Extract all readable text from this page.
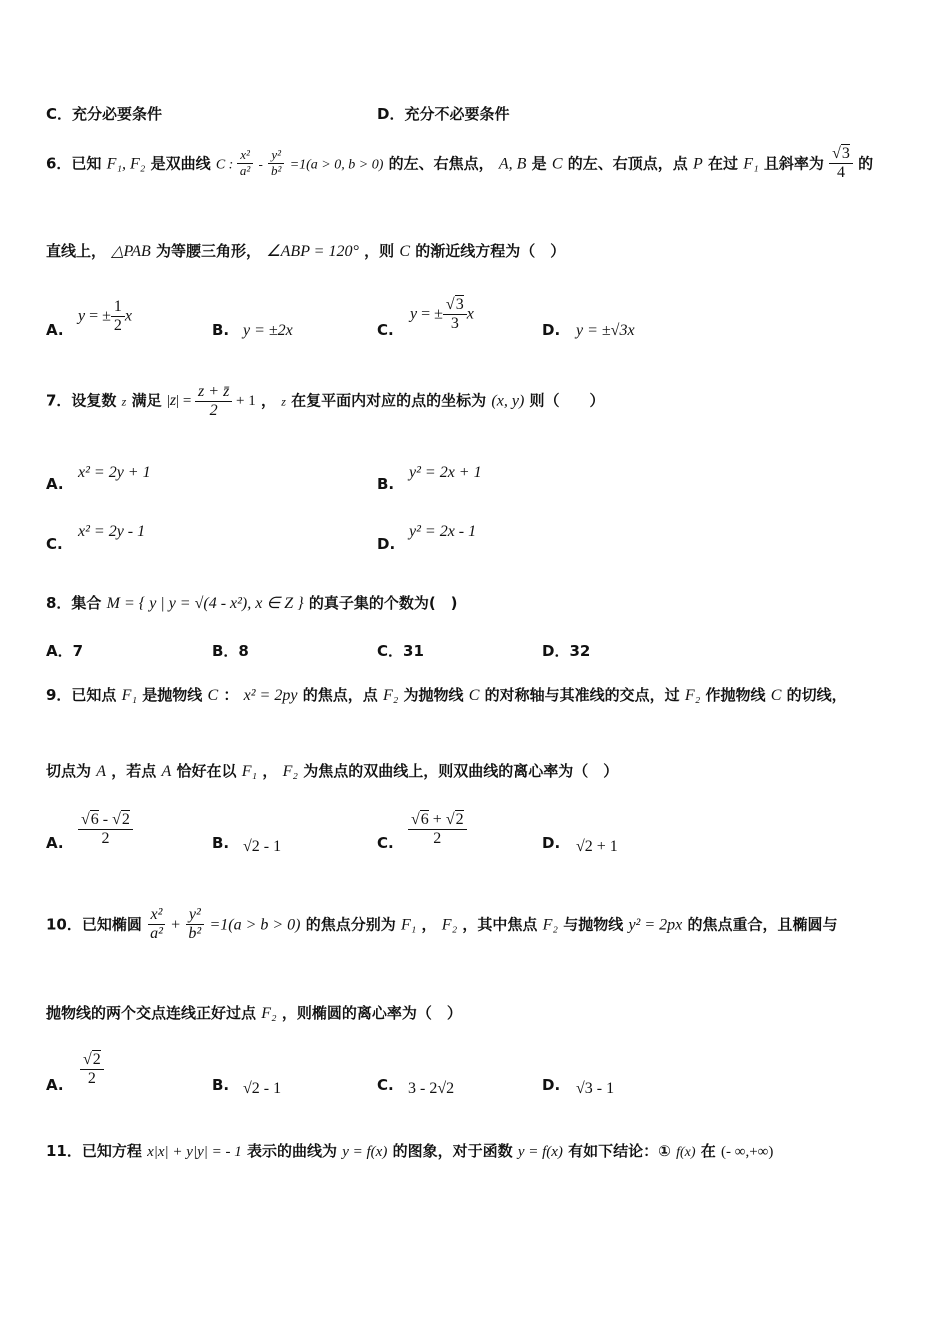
C．充分必要条件	D．充分不必要条件
6．已知 F₁, F₂ 是双曲线 C : $\frac{\text{x²}}{\text{a²}} - \frac{\text{y²}}{\text{b²}} =1(a > 0$, b > 0) 的左、右焦点， A, B 是 C 的左、右顶点，点 P 在过 F₁ 且斜率为 √ $\frac{3}{4}$ 的
直线上， △PAB 为等腰三角形， ∠ABP = 120° ，则 C 的渐近线方程为（　）
A.
y = ± $\frac{1}{2}$ x
B. y = ±2x	C.
y = ± √ $\frac{3}{3}$ x
D. y = ±√3x
7．设复数 z 满足 $|z| = \frac{z + z̄}{2} + 1$ ， z 在复平面内对应的点的坐标为 (x, y) 则（　　）
A.
x² = 2y + 1
B.
y² = 2x + 1
C.
x² = 2y - 1
D.
y² = 2x - 1
8．集合 M = { y | y = √(4 - x²), x ∈ Z } 的真子集的个数为(　)
A．7	B．8	C．31	D．32
9．已知点 F₁ 是抛物线 C ： x² = 2py 的焦点，点 F₂ 为抛物线 C 的对称轴与其准线的交点，过 F₂ 作抛物线 C 的切线，
切点为 A ，若点 A 恰好在以 F₁ ， F₂ 为焦点的双曲线上，则双曲线的离心率为（　）
A. √ $\frac{6 - √ 2}{2}$	B. √2 - 1	C. √ $\frac{6 + √ 2}{2}$	D. √2 + 1
10．已知椭圆 $\frac{\text{x²}}{\text{a²}} + \frac{\text{y²}}{\text{b²}} =1(a > b > 0)$ 的焦点分别为 F₁ ， F₂ ，其中焦点 F₂ 与抛物线 y² = 2px 的焦点重合，且椭圆与
抛物线的两个交点连线正好过点 F₂ ，则椭圆的离心率为（　）
A. √ $\frac{2}{2}$	B. √2 - 1	C. 3 - 2√2	D. √3 - 1
11．已知方程 x|x| + y|y| = - 1 表示的曲线为 y = f(x) 的图象，对于函数 y = f(x) 有如下结论：① f(x) 在 (- ∞,+∞)
